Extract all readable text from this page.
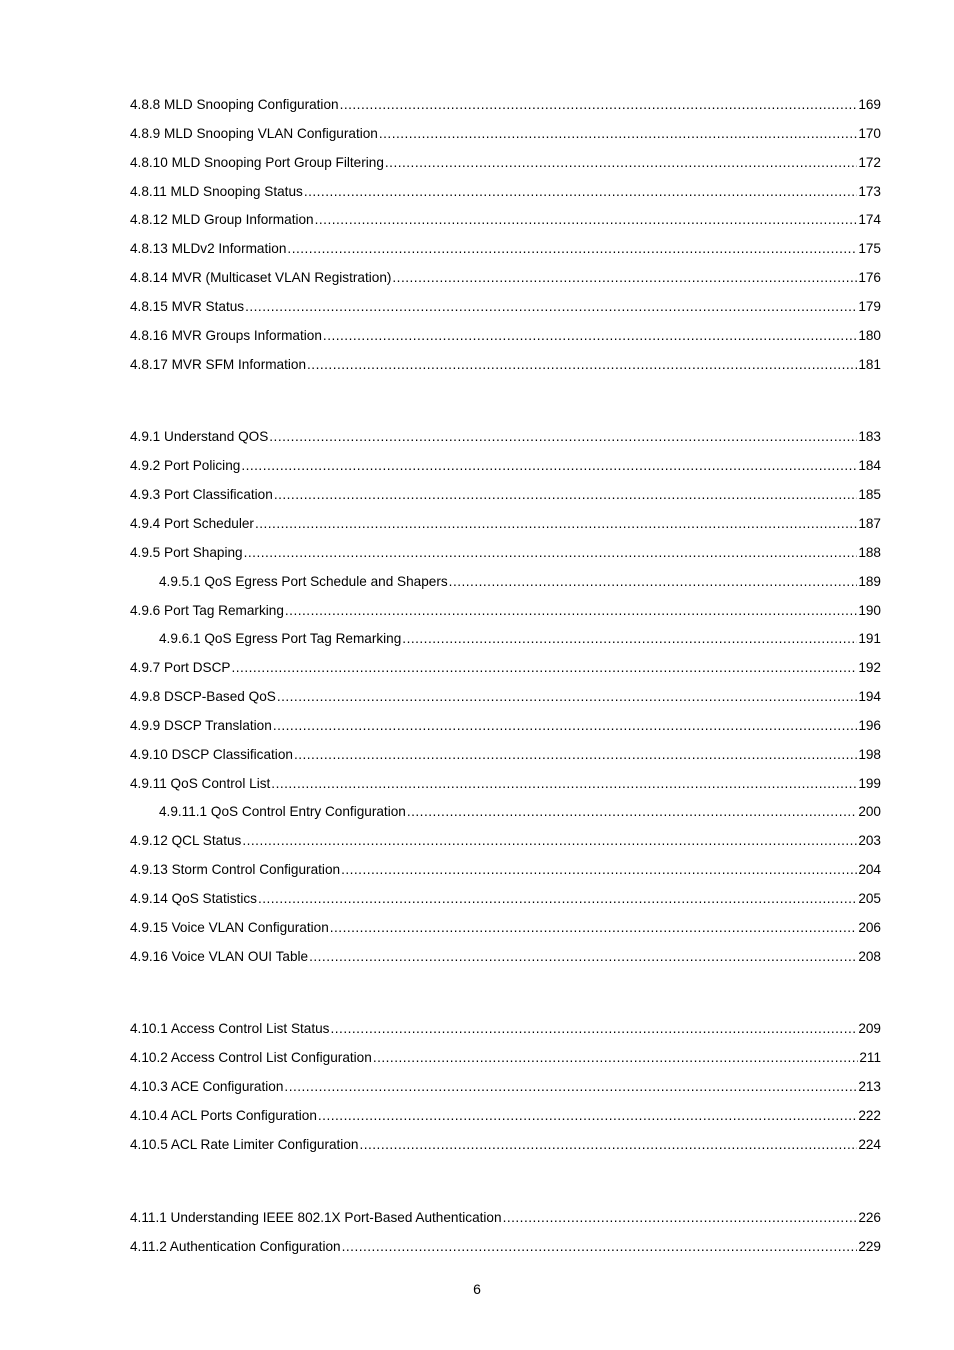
4.8.8 MLD Snooping Configuration .....	169
4.8.9 MLD Snooping VLAN Configuration .....	170
4.8.10 MLD Snooping Port Group Filtering .....	172
4.8.11 MLD Snooping Status .....	173
4.8.12 MLD Group Information .....	174
4.8.13 MLDv2 Information .....	175
4.8.14 MVR (Multicaset VLAN Registration) .....	176
4.8.15 MVR Status .....	179
4.8.16 MVR Groups Information .....	180
4.8.17 MVR SFM Information .....	181
4.9.1 Understand QOS .....	183
4.9.2 Port Policing .....	184
4.9.3 Port Classification .....	185
4.9.4 Port Scheduler .....	187
4.9.5 Port Shaping .....	188
4.9.5.1 QoS Egress Port Schedule and Shapers .....	189
4.9.6 Port Tag Remarking .....	190
4.9.6.1 QoS Egress Port Tag Remarking .....	191
4.9.7 Port DSCP .....	192
4.9.8 DSCP-Based QoS .....	194
4.9.9 DSCP Translation .....	196
4.9.10 DSCP Classification .....	198
4.9.11 QoS Control List .....	199
4.9.11.1 QoS Control Entry Configuration .....	200
4.9.12 QCL Status .....	203
4.9.13 Storm Control Configuration .....	204
4.9.14 QoS Statistics .....	205
4.9.15 Voice VLAN Configuration .....	206
4.9.16 Voice VLAN OUI Table .....	208
4.10.1 Access Control List Status .....	209
4.10.2 Access Control List Configuration .....	211
4.10.3 ACE Configuration .....	213
4.10.4 ACL Ports Configuration .....	222
4.10.5 ACL Rate Limiter Configuration .....	224
4.11.1 Understanding IEEE 802.1X Port-Based Authentication .....	226
4.11.2 Authentication Configuration .....	229
6
